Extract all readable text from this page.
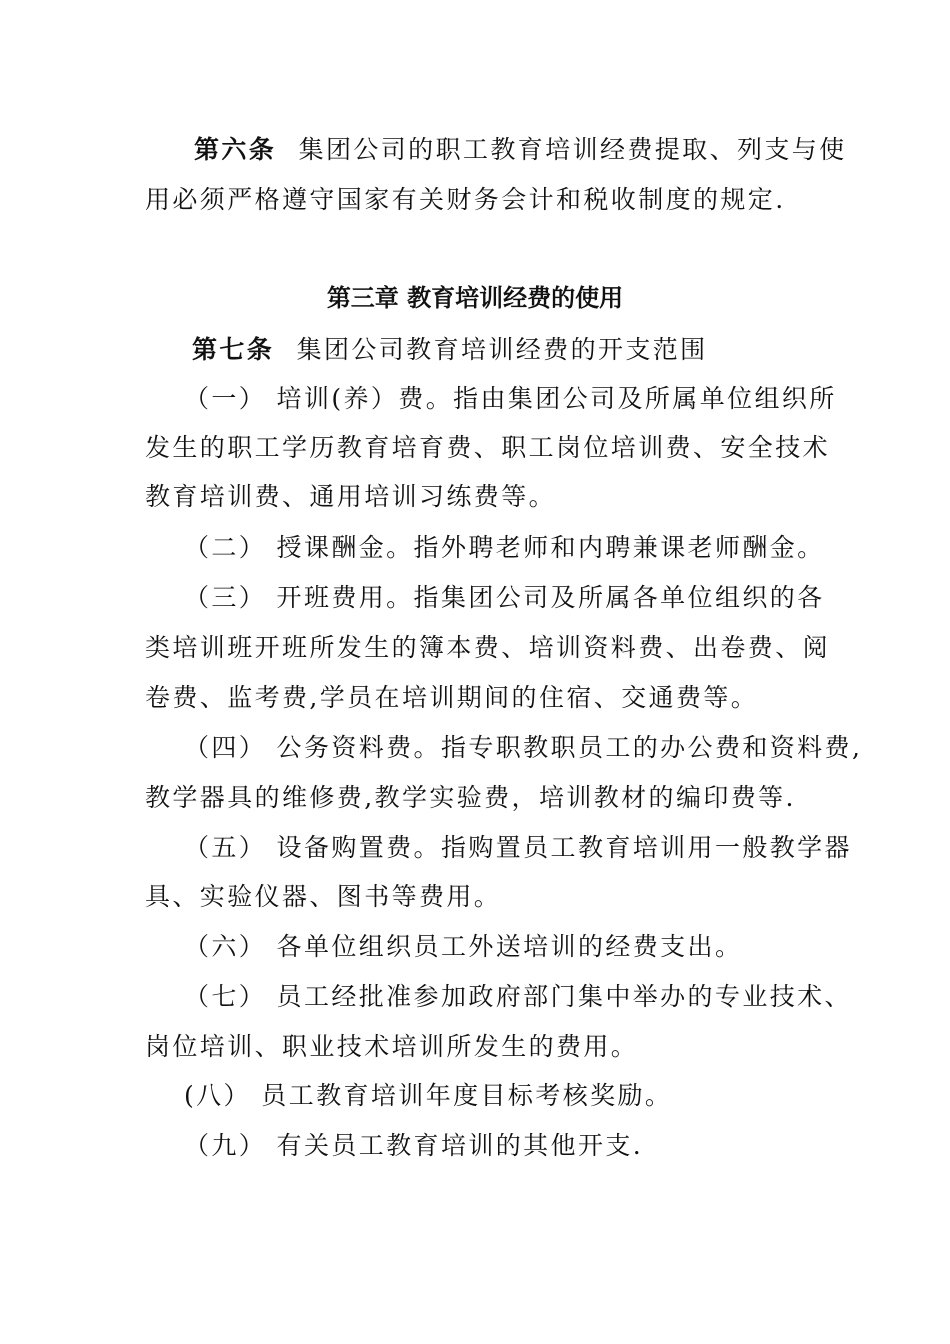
第六条 集团公司的职工教育培训经费提取、列支与使
用必须严格遵守国家有关财务会计和税收制度的规定.
第三章 教育培训经费的使用
第七条 集团公司教育培训经费的开支范围
（一） 培训(养）费。指由集团公司及所属单位组织所
发生的职工学历教育培育费、职工岗位培训费、安全技术
教育培训费、通用培训习练费等。
（二） 授课酬金。指外聘老师和内聘兼课老师酬金。
（三） 开班费用。指集团公司及所属各单位组织的各
类培训班开班所发生的簿本费、培训资料费、出卷费、阅
卷费、监考费,学员在培训期间的住宿、交通费等。
（四） 公务资料费。指专职教职员工的办公费和资料费,
教学器具的维修费,教学实验费，培训教材的编印费等.
（五） 设备购置费。指购置员工教育培训用一般教学器
具、实验仪器、图书等费用。
（六） 各单位组织员工外送培训的经费支出。
（七） 员工经批准参加政府部门集中举办的专业技术、
岗位培训、职业技术培训所发生的费用。
(八） 员工教育培训年度目标考核奖励。
（九） 有关员工教育培训的其他开支.
